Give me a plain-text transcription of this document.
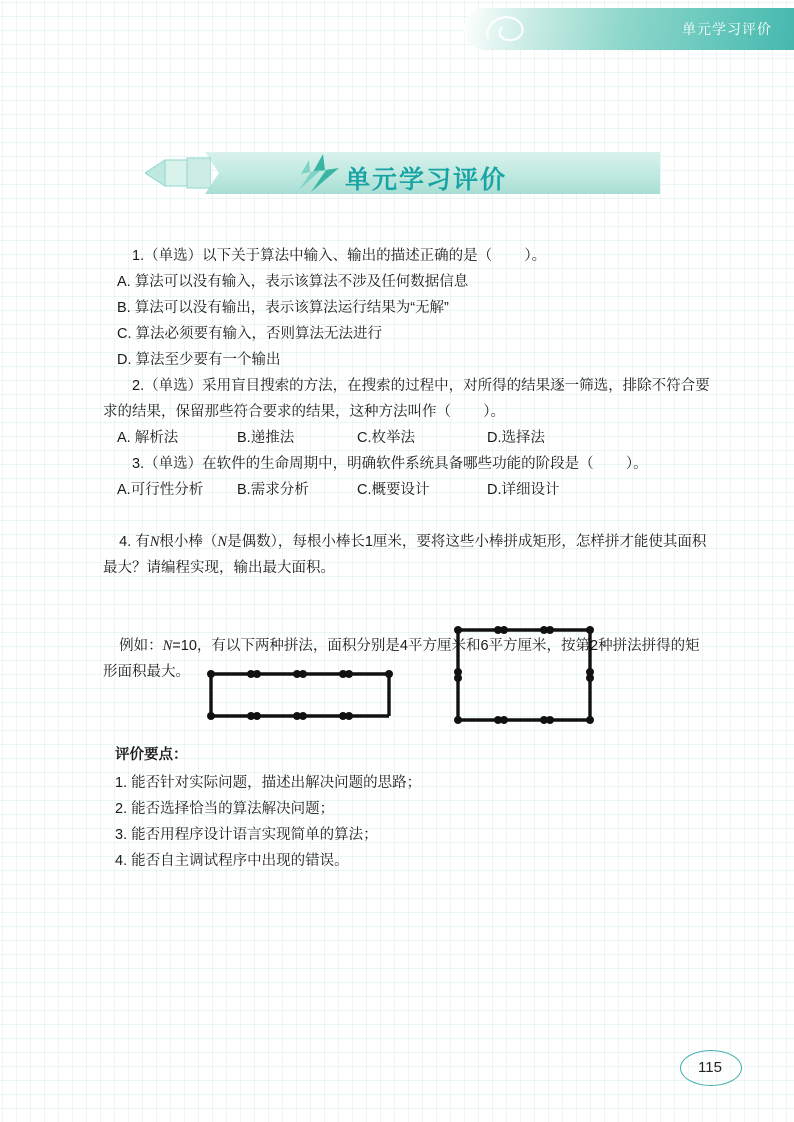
单元学习评价
单元学习评价
1.（单选）以下关于算法中输入、输出的描述正确的是（        ）。
A. 算法可以没有输入，表示该算法不涉及任何数据信息
B. 算法可以没有输出，表示该算法运行结果为“无解”
C. 算法必须要有输入，否则算法无法进行
D. 算法至少要有一个输出
2.（单选）采用盲目搜索的方法，在搜索的过程中，对所得的结果逐一筛选，排除不符合要求的结果，保留那些符合要求的结果，这种方法叫作（        ）。
A. 解析法	B.递推法	C.枚举法	D.选择法
3.（单选）在软件的生命周期中，明确软件系统具备哪些功能的阶段是（        ）。
A.可行性分析	B.需求分析	C.概要设计	D.详细设计

4. 有N根小棒（N是偶数），每根小棒长1厘米，要将这些小棒拼成矩形，怎样拼才能使其面积最大？请编程实现，输出最大面积。

例如：N=10，有以下两种拼法，面积分别是4平方厘米和6平方厘米，按第2种拼法拼得的矩形面积最大。

评价要点：
1. 能否针对实际问题，描述出解决问题的思路；
2. 能否选择恰当的算法解决问题；
3. 能否用程序设计语言实现简单的算法；
4. 能否自主调试程序中出现的错误。
115
